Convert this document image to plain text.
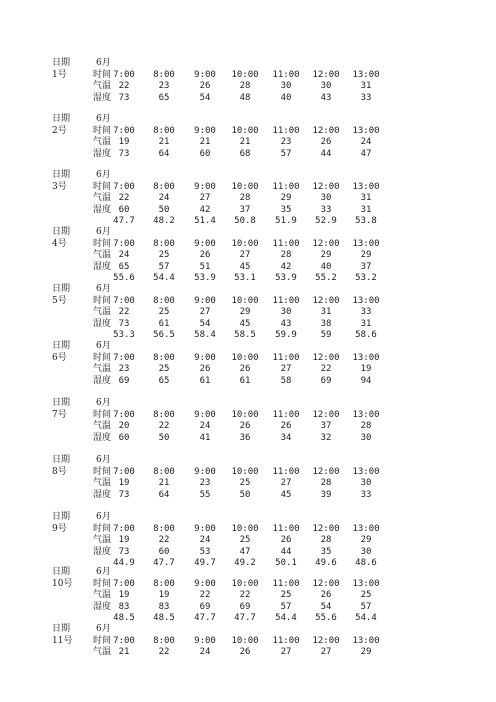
日期	6月
1号	时间 7:00	8:00	9:00	10:00	11:00	12:00	13:00
气温 22	23	26	28	30	30	31
湿度 73	65	54	48	40	43	33
日期	6月
2号	时间 7:00	8:00	9:00	10:00	11:00	12:00	13:00
气温 19	21	21	21	23	26	24
湿度 73	64	60	68	57	44	47
日期	6月
3号	时间 7:00	8:00	9:00	10:00	11:00	12:00	13:00
气温 22	24	27	28	29	30	31
湿度 60	50	42	37	35	33	31
47.7	48.2	51.4	50.8	51.9	52.9	53.8
日期	6月
4号	时间 7:00	8:00	9:00	10:00	11:00	12:00	13:00
气温 24	25	26	27	28	29	29
湿度 65	57	51	45	42	40	37
55.6	54.4	53.9	53.1	53.9	55.2	53.2
日期	6月
5号	时间 7:00	8:00	9:00	10:00	11:00	12:00	13:00
气温 22	25	27	29	30	31	33
湿度 73	61	54	45	43	38	31
53.3	56.5	58.4	58.5	59.9	59	58.6
日期	6月
6号	时间 7:00	8:00	9:00	10:00	11:00	12:00	13:00
气温 23	25	26	26	27	22	19
湿度 69	65	61	61	58	69	94
日期	6月
7号	时间 7:00	8:00	9:00	10:00	11:00	12:00	13:00
气温 20	22	24	26	26	37	28
湿度 60	50	41	36	34	32	30
日期	6月
8号	时间 7:00	8:00	9:00	10:00	11:00	12:00	13:00
气温 19	21	23	25	27	28	30
湿度 73	64	55	50	45	39	33
日期	6月
9号	时间 7:00	8:00	9:00	10:00	11:00	12:00	13:00
气温 19	22	24	25	26	28	29
湿度 73	60	53	47	44	35	30
44.9	47.7	49.7	49.2	50.1	49.6	48.6
日期	6月
10号 时间 7:00	8:00	9:00	10:00	11:00	12:00	13:00
气温 19	19	22	22	25	26	25
湿度 83	83	69	69	57	54	57
48.5	48.5	47.7	47.7	54.4	55.6	54.4
日期	6月
11号 时间 7:00	8:00	9:00	10:00	11:00	12:00	13:00
气温 21	22	24	26	27	27	29
